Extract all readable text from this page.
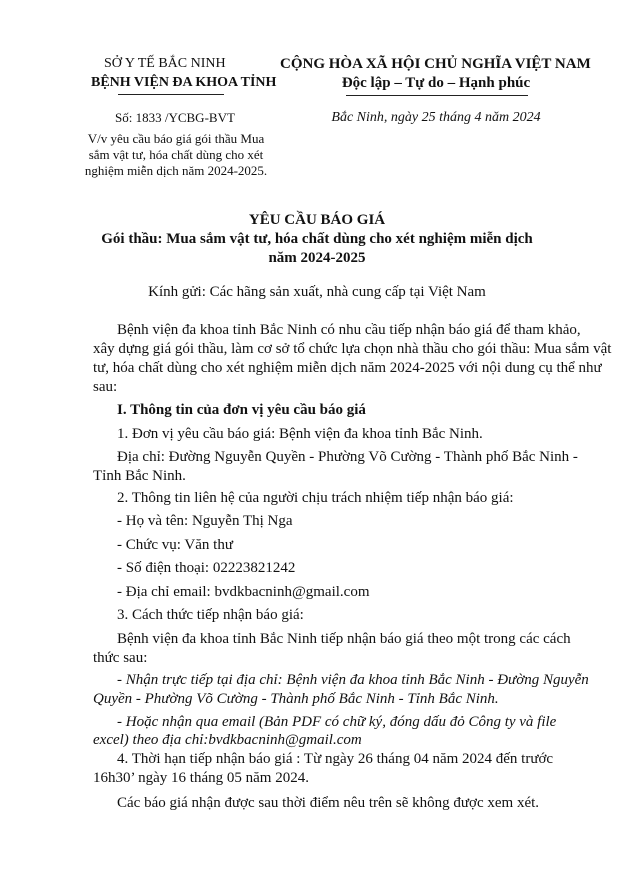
SỞ Y TẾ BẮC NINH
BỆNH VIỆN ĐA KHOA TỈNH
Số: 1833 /YCBG-BVT
V/v yêu cầu báo giá gói thầu Mua
sắm vật tư, hóa chất dùng cho xét
nghiệm miễn dịch năm 2024-2025.
CỘNG HÒA XÃ HỘI CHỦ NGHĨA VIỆT NAM
Độc lập – Tự do – Hạnh phúc
Bắc Ninh, ngày 25 tháng 4 năm 2024
YÊU CẦU BÁO GIÁ
Gói thầu: Mua sắm vật tư, hóa chất dùng cho xét nghiệm miễn dịch
năm 2024-2025
Kính gửi: Các hãng sản xuất, nhà cung cấp tại Việt Nam
Bệnh viện đa khoa tỉnh Bắc Ninh có nhu cầu tiếp nhận báo giá để tham khảo,
xây dựng giá gói thầu, làm cơ sở tổ chức lựa chọn nhà thầu cho gói thầu: Mua sắm vật
tư, hóa chất dùng cho xét nghiệm miễn dịch năm 2024-2025 với nội dung cụ thể như
sau:
I. Thông tin của đơn vị yêu cầu báo giá
1. Đơn vị yêu cầu báo giá: Bệnh viện đa khoa tỉnh Bắc Ninh.
Địa chỉ: Đường Nguyễn Quyền - Phường Võ Cường - Thành phố Bắc Ninh -
Tỉnh Bắc Ninh.
2. Thông tin liên hệ của người chịu trách nhiệm tiếp nhận báo giá:
- Họ và tên: Nguyễn Thị Nga
- Chức vụ: Văn thư
- Số điện thoại: 02223821242
- Địa chỉ email: bvdkbacninh@gmail.com
3. Cách thức tiếp nhận báo giá:
Bệnh viện đa khoa tỉnh Bắc Ninh tiếp nhận báo giá theo một trong các cách
thức sau:
- Nhận trực tiếp tại địa chỉ: Bệnh viện đa khoa tỉnh Bắc Ninh - Đường Nguyễn
Quyền - Phường Võ Cường - Thành phố Bắc Ninh - Tỉnh Bắc Ninh.
- Hoặc nhận qua email (Bản PDF có chữ ký, đóng dấu đỏ Công ty và file
excel) theo địa chỉ:bvdkbacninh@gmail.com
4. Thời hạn tiếp nhận báo giá : Từ ngày 26 tháng 04 năm 2024 đến trước
16h30’ ngày 16 tháng 05 năm 2024.
Các báo giá nhận được sau thời điểm nêu trên sẽ không được xem xét.
